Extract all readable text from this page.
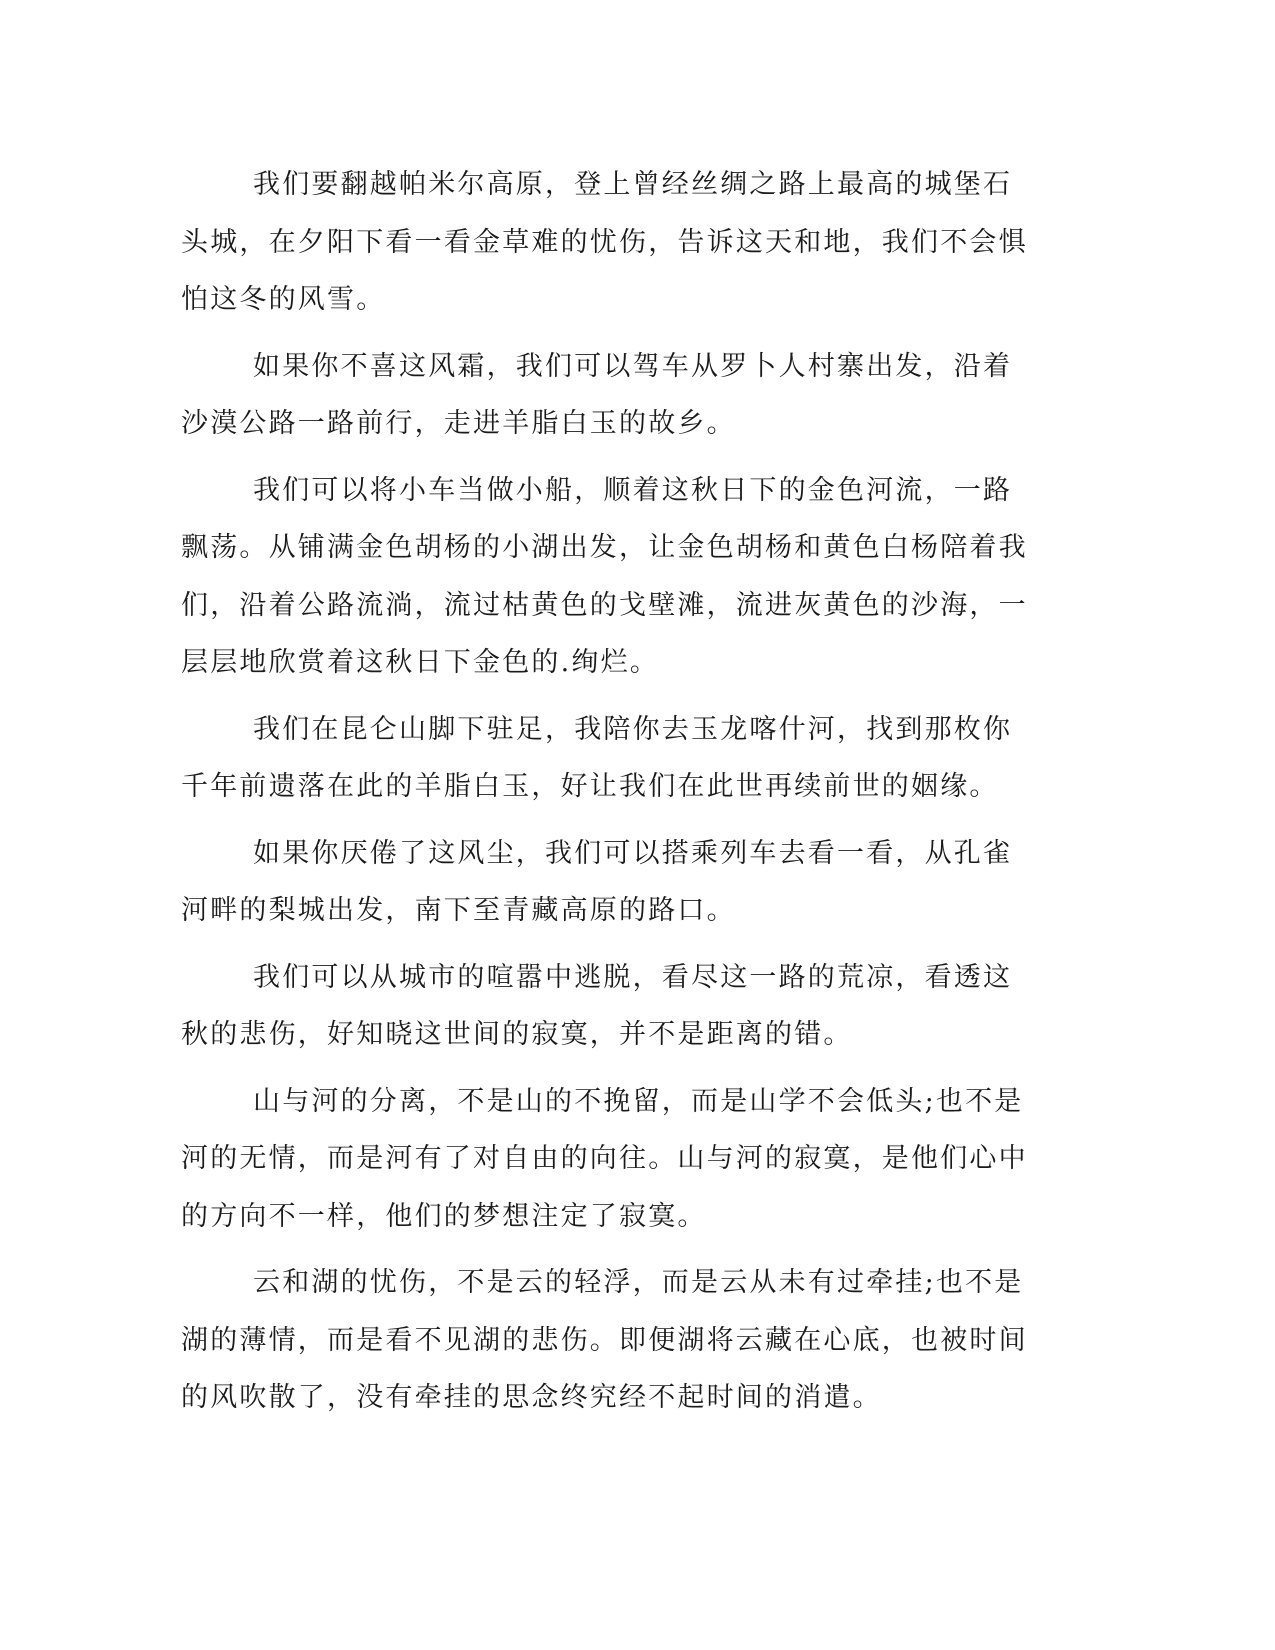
我们要翻越帕米尔高原，登上曾经丝绸之路上最高的城堡石头城，在夕阳下看一看金草难的忧伤，告诉这天和地，我们不会惧怕这冬的风雪。

如果你不喜这风霜，我们可以驾车从罗卜人村寨出发，沿着沙漠公路一路前行，走进羊脂白玉的故乡。

我们可以将小车当做小船，顺着这秋日下的金色河流，一路飘荡。从铺满金色胡杨的小湖出发，让金色胡杨和黄色白杨陪着我们，沿着公路流淌，流过枯黄色的戈壁滩，流进灰黄色的沙海，一层层地欣赏着这秋日下金色的.绚烂。

我们在昆仑山脚下驻足，我陪你去玉龙喀什河，找到那枚你千年前遗落在此的羊脂白玉，好让我们在此世再续前世的姻缘。

如果你厌倦了这风尘，我们可以搭乘列车去看一看，从孔雀河畔的梨城出发，南下至青藏高原的路口。

我们可以从城市的喧嚣中逃脱，看尽这一路的荒凉，看透这秋的悲伤，好知晓这世间的寂寞，并不是距离的错。

山与河的分离，不是山的不挽留，而是山学不会低头;也不是河的无情，而是河有了对自由的向往。山与河的寂寞，是他们心中的方向不一样，他们的梦想注定了寂寞。

云和湖的忧伤，不是云的轻浮，而是云从未有过牵挂;也不是湖的薄情，而是看不见湖的悲伤。即便湖将云藏在心底，也被时间的风吹散了，没有牵挂的思念终究经不起时间的消遣。
